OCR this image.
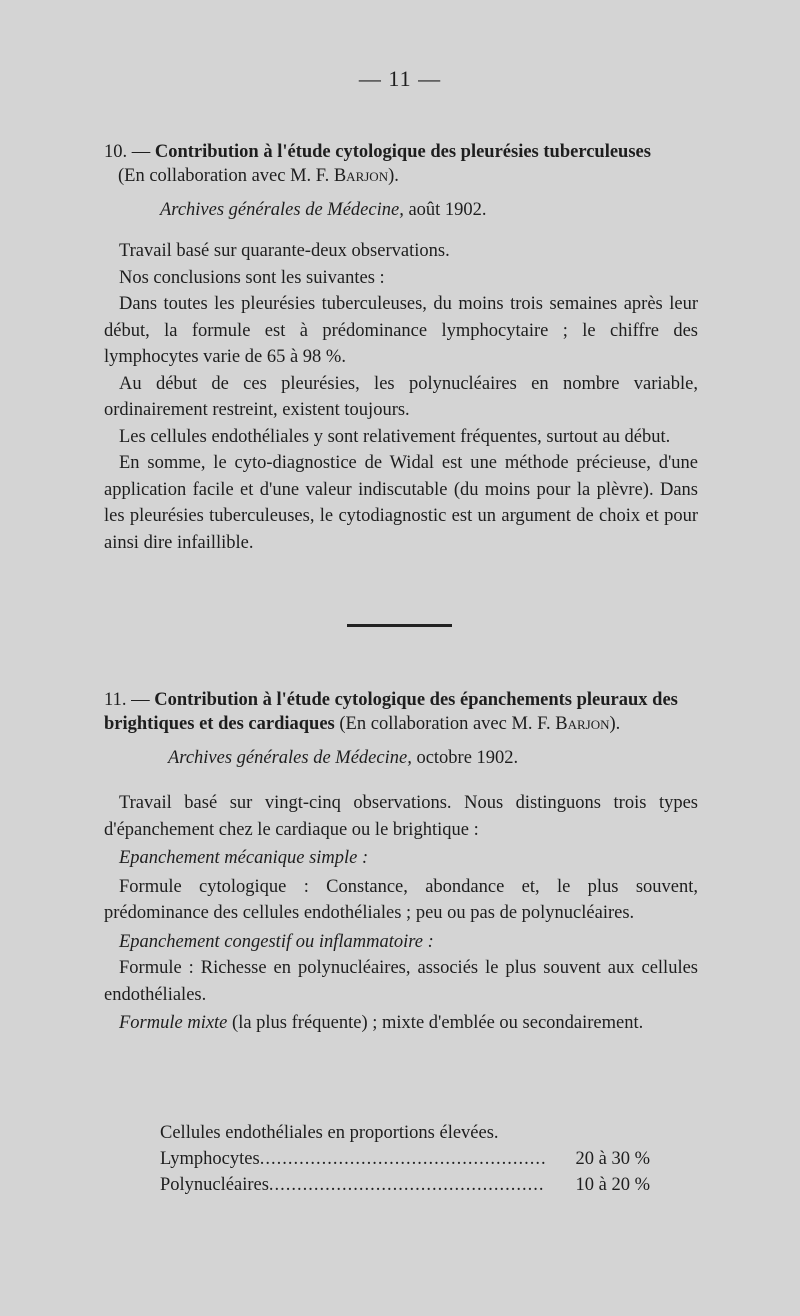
— 11 —
10. — Contribution à l'étude cytologique des pleurésies tuberculeuses
(En collaboration avec M. F. Barjon).
Archives générales de Médecine, août 1902.

Travail basé sur quarante-deux observations.

Nos conclusions sont les suivantes :

Dans toutes les pleurésies tuberculeuses, du moins trois semaines après leur début, la formule est à prédominance lymphocytaire ; le chiffre des lymphocytes varie de 65 à 98 %.

Au début de ces pleurésies, les polynucléaires en nombre variable, ordinairement restreint, existent toujours.

Les cellules endothéliales y sont relativement fréquentes, surtout au début.

En somme, le cyto-diagnostice de Widal est une méthode précieuse, d'une application facile et d'une valeur indiscutable (du moins pour la plèvre). Dans les pleurésies tuberculeuses, le cytodiagnostic est un argument de choix et pour ainsi dire infaillible.

11. — Contribution à l'étude cytologique des épanchements pleuraux des brightiques et des cardiaques (En collaboration avec M. F. Barjon).
Archives générales de Médecine, octobre 1902.

Travail basé sur vingt-cinq observations. Nous distinguons trois types d'épanchement chez le cardiaque ou le brightique :

Epanchement mécanique simple :

Formule cytologique : Constance, abondance et, le plus souvent, prédominance des cellules endothéliales ; peu ou pas de polynucléaires.

Epanchement congestif ou inflammatoire :

Formule : Richesse en polynucléaires, associés le plus souvent aux cellules endothéliales.

Formule mixte (la plus fréquente) ; mixte d'emblée ou secondairement.

Cellules endothéliales en proportions élevées.
Lymphocytes .....	20 à 30 %
Polynucléaires .....	10 à 20 %
